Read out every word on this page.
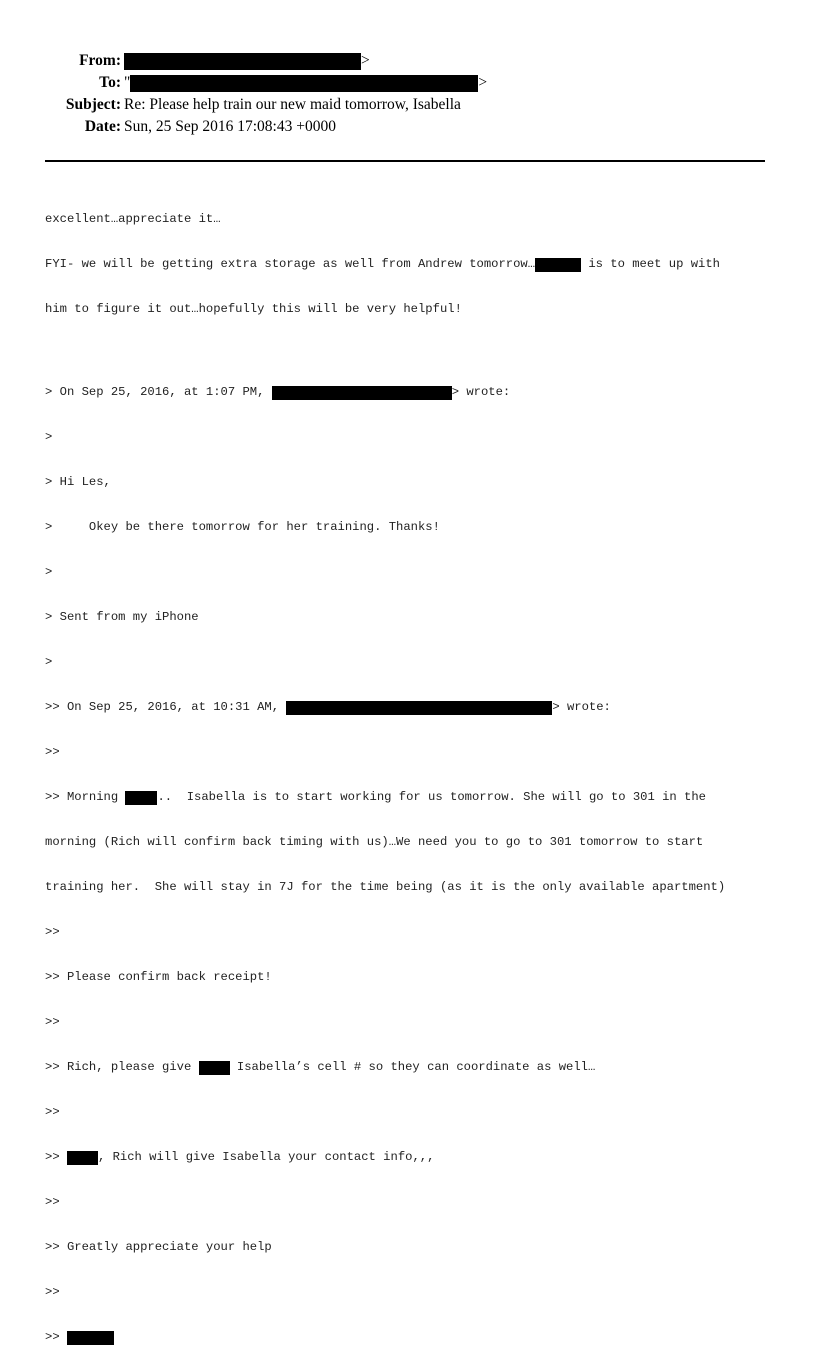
From:	>
To: "	>
Subject: Re: Please help train our new maid tomorrow, Isabella
Date: Sun, 25 Sep 2016 17:08:43 +0000

excellent…appreciate it…

FYI- we will be getting extra storage as well from Andrew tomorrow…	is to meet up with

him to figure it out…hopefully this will be very helpful!

> On Sep 25, 2016, at 1:07 PM,	> wrote:

>

> Hi Les,

>     Okey be there tomorrow for her training. Thanks!

>

> Sent from my iPhone

>

>> On Sep 25, 2016, at 10:31 AM,	> wrote:

>>

>> Morning	..  Isabella is to start working for us tomorrow. She will go to 301 in the

morning (Rich will confirm back timing with us)…We need you to go to 301 tomorrow to start

training her.  She will stay in 7J for the time being (as it is the only available apartment)

>>

>> Please confirm back receipt!

>>

>> Rich, please give	Isabella’s cell # so they can coordinate as well…

>>

>>	, Rich will give Isabella your contact info,,,

>>

>> Greatly appreciate your help

>>

>>
